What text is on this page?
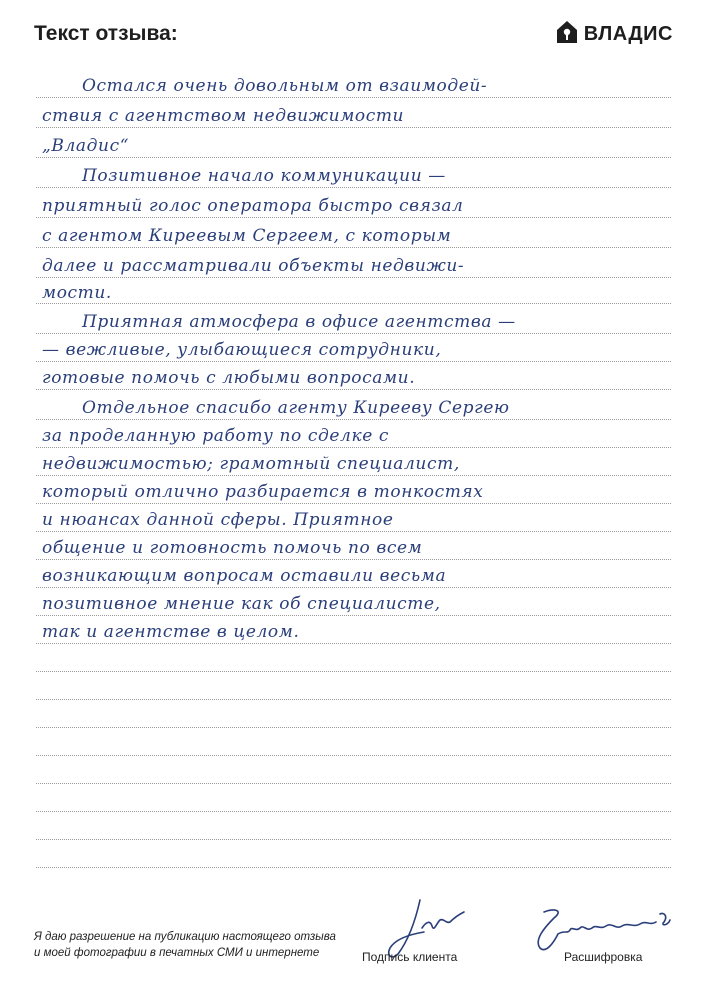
Текст отзыва:	ВЛАДИС
Остался очень довольным от взаимодей-
ствия с агентством недвижимости
„Владис“
Позитивное начало коммуникации —
приятный голос оператора быстро связал
с агентом Киреевым Сергеем, с которым
далее и рассматривали объекты недвижи-
мости.
Приятная атмосфера в офисе агентства —
— вежливые, улыбающиеся сотрудники,
готовые помочь с любыми вопросами.
Отдельное спасибо агенту Кирееву Сергею
за проделанную работу по сделке с
недвижимостью; грамотный специалист,
который отлично разбирается в тонкостях
и нюансах данной сферы. Приятное
общение и готовность помочь по всем
возникающим вопросам оставили весьма
позитивное мнение как об специалисте,
так и агентстве в целом.
Я даю разрешение на публикацию настоящего отзыва
и моей фотографии в печатных СМИ и интернете	Подпись клиента	Расшифровка
